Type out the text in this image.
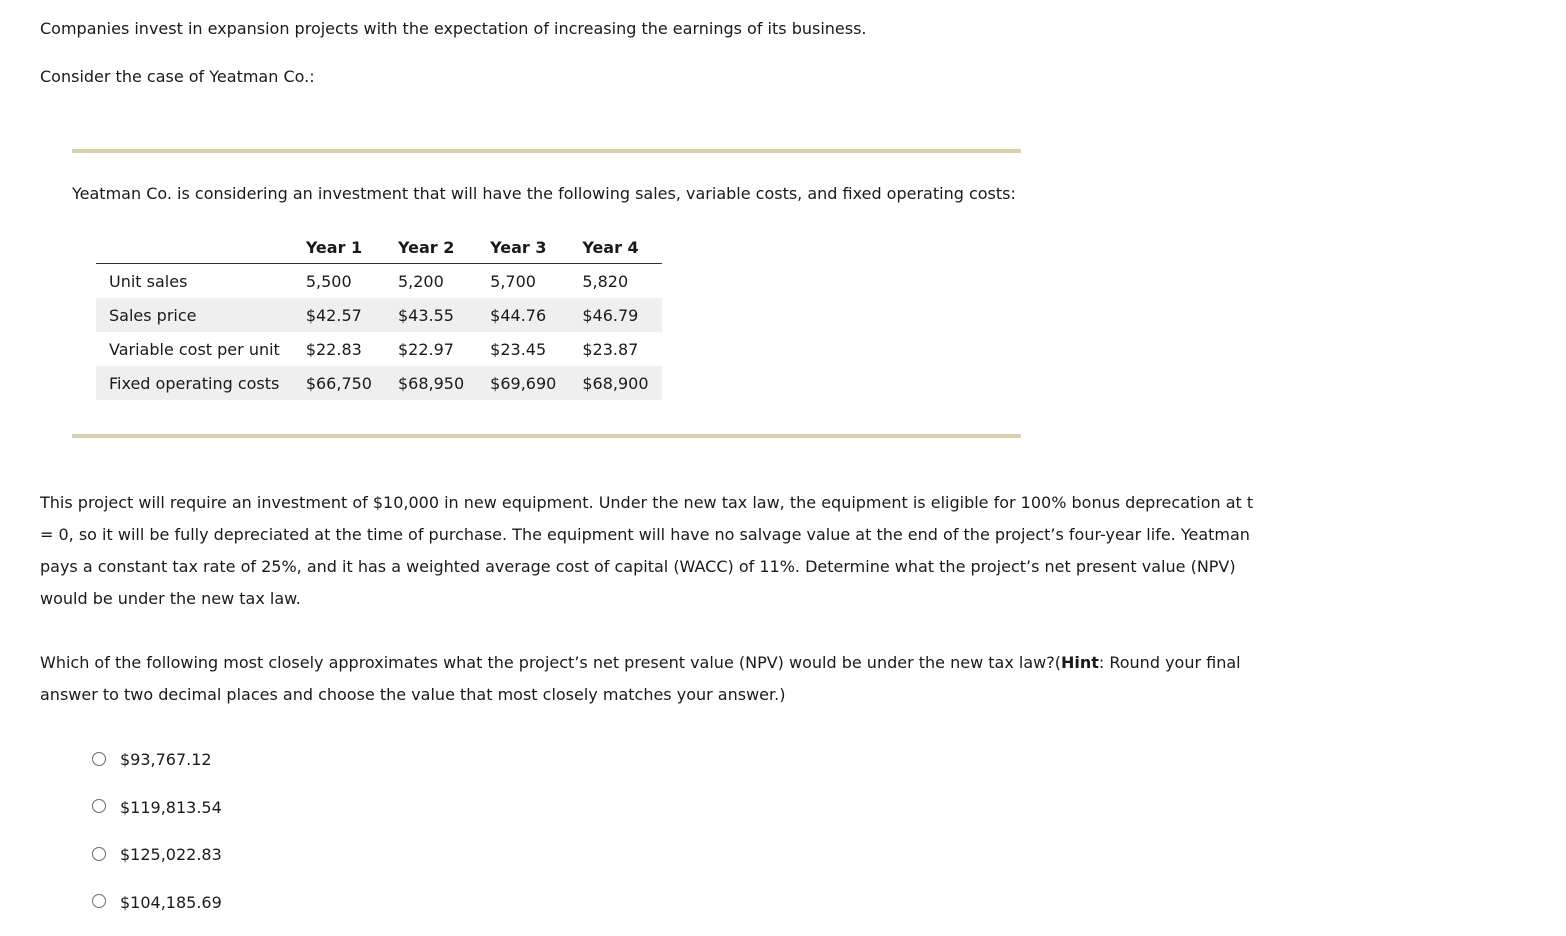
Companies invest in expansion projects with the expectation of increasing the earnings of its business.

Consider the case of Yeatman Co.:

Yeatman Co. is considering an investment that will have the following sales, variable costs, and fixed operating costs:

	Year 1	Year 2	Year 3	Year 4
Unit sales	5,500	5,200	5,700	5,820
Sales price	$42.57	$43.55	$44.76	$46.79
Variable cost per unit	$22.83	$22.97	$23.45	$23.87
Fixed operating costs	$66,750	$68,950	$69,690	$68,900

This project will require an investment of $10,000 in new equipment. Under the new tax law, the equipment is eligible for 100% bonus deprecation at t = 0, so it will be fully depreciated at the time of purchase. The equipment will have no salvage value at the end of the project’s four-year life. Yeatman pays a constant tax rate of 25%, and it has a weighted average cost of capital (WACC) of 11%. Determine what the project’s net present value (NPV) would be under the new tax law.

Which of the following most closely approximates what the project’s net present value (NPV) would be under the new tax law?(Hint: Round your final answer to two decimal places and choose the value that most closely matches your answer.)

$93,767.12
$119,813.54
$125,022.83
$104,185.69
